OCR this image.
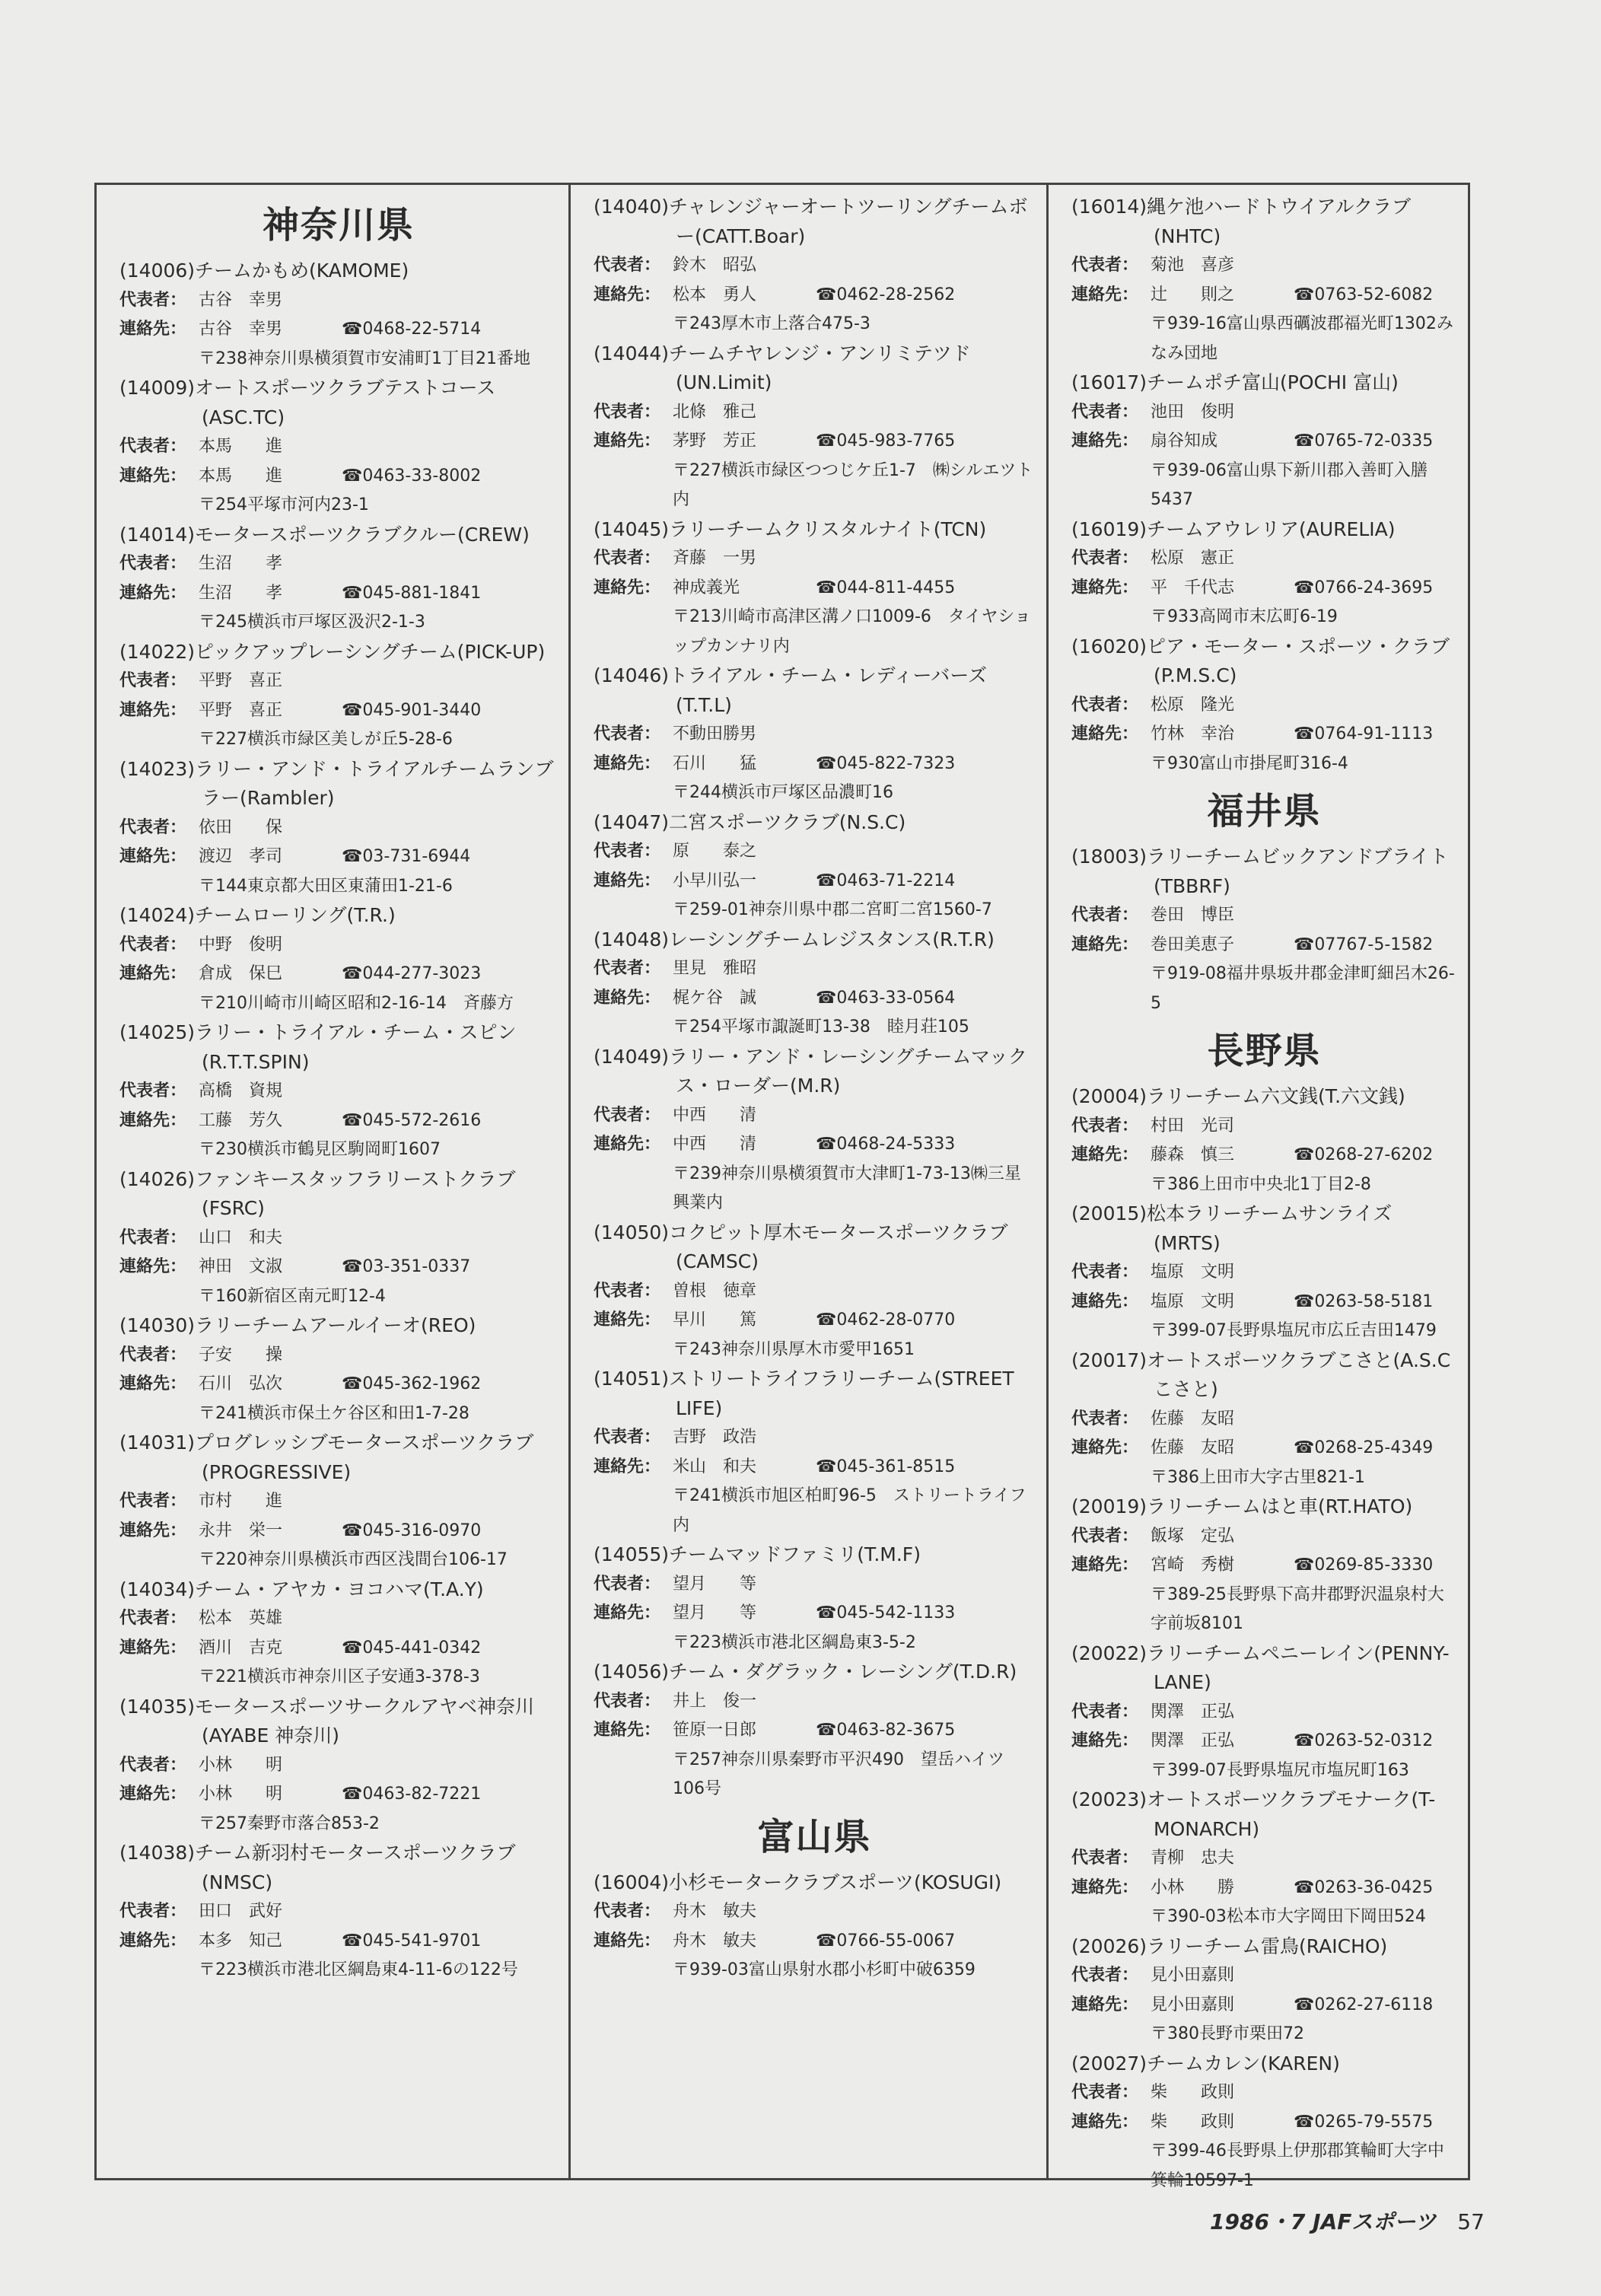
神奈川県
(14006)チームかもめ(KAMOME)
代表者： 古谷　幸男
連絡先： 古谷　幸男	☎0468-22-5714
〒238神奈川県横須賀市安浦町1丁目21番地
(14009)オートスポーツクラブテストコース(ASC.TC)
代表者： 本馬　　進
連絡先： 本馬　　進	☎0463-33-8002
〒254平塚市河内23-1
(14014)モータースポーツクラブクルー(CREW)
代表者： 生沼　　孝
連絡先： 生沼　　孝	☎045-881-1841
〒245横浜市戸塚区汲沢2-1-3
(14022)ピックアップレーシングチーム(PICK-UP)
代表者： 平野　喜正
連絡先： 平野　喜正	☎045-901-3440
〒227横浜市緑区美しが丘5-28-6
(14023)ラリー・アンド・トライアルチームランブラー(Rambler)
代表者： 依田　　保
連絡先： 渡辺　孝司	☎03-731-6944
〒144東京都大田区東蒲田1-21-6
(14024)チームローリング(T.R.)
代表者： 中野　俊明
連絡先： 倉成　保巳	☎044-277-3023
〒210川崎市川崎区昭和2-16-14　斉藤方
(14025)ラリー・トライアル・チーム・スピン(R.T.T.SPIN)
代表者： 高橋　資規
連絡先： 工藤　芳久	☎045-572-2616
〒230横浜市鶴見区駒岡町1607
(14026)ファンキースタッフラリーストクラブ(FSRC)
代表者： 山口　和夫
連絡先： 神田　文淑	☎03-351-0337
〒160新宿区南元町12-4
(14030)ラリーチームアールイーオ(REO)
代表者： 子安　　操
連絡先： 石川　弘次	☎045-362-1962
〒241横浜市保土ケ谷区和田1-7-28
(14031)プログレッシブモータースポーツクラブ(PROGRESSIVE)
代表者： 市村　　進
連絡先： 永井　栄一	☎045-316-0970
〒220神奈川県横浜市西区浅間台106-17
(14034)チーム・アヤカ・ヨコハマ(T.A.Y)
代表者： 松本　英雄
連絡先： 酒川　吉克	☎045-441-0342
〒221横浜市神奈川区子安通3-378-3
(14035)モータースポーツサークルアヤベ神奈川(AYABE 神奈川)
代表者： 小林　　明
連絡先： 小林　　明	☎0463-82-7221
〒257秦野市落合853-2
(14038)チーム新羽村モータースポーツクラブ(NMSC)
代表者： 田口　武好
連絡先： 本多　知己	☎045-541-9701
〒223横浜市港北区綱島東4-11-6の122号
(14040)チャレンジャーオートツーリングチームボー(CATT.Boar)
代表者： 鈴木　昭弘
連絡先： 松本　勇人	☎0462-28-2562
〒243厚木市上落合475-3
(14044)チームチヤレンジ・アンリミテツド(UN.Limit)
代表者： 北條　雅己
連絡先： 茅野　芳正	☎045-983-7765
〒227横浜市緑区つつじケ丘1-7　㈱シルエツト内
(14045)ラリーチームクリスタルナイト(TCN)
代表者： 斉藤　一男
連絡先： 神成義光	☎044-811-4455
〒213川崎市高津区溝ノ口1009-6　タイヤショップカンナリ内
(14046)トライアル・チーム・レディーバーズ(T.T.L)
代表者： 不動田勝男
連絡先： 石川　　猛	☎045-822-7323
〒244横浜市戸塚区品濃町16
(14047)二宮スポーツクラブ(N.S.C)
代表者： 原　　泰之
連絡先： 小早川弘一	☎0463-71-2214
〒259-01神奈川県中郡二宮町二宮1560-7
(14048)レーシングチームレジスタンス(R.T.R)
代表者： 里見　雅昭
連絡先： 梶ケ谷　誠	☎0463-33-0564
〒254平塚市諏誕町13-38　睦月荘105
(14049)ラリー・アンド・レーシングチームマックス・ローダー(M.R)
代表者： 中西　　清
連絡先： 中西　　清	☎0468-24-5333
〒239神奈川県横須賀市大津町1-73-13㈱三星興業内
(14050)コクピット厚木モータースポーツクラブ(CAMSC)
代表者： 曽根　徳章
連絡先： 早川　　篤	☎0462-28-0770
〒243神奈川県厚木市愛甲1651
(14051)ストリートライフラリーチーム(STREET LIFE)
代表者： 吉野　政浩
連絡先： 米山　和夫	☎045-361-8515
〒241横浜市旭区柏町96-5　ストリートライフ内
(14055)チームマッドファミリ(T.M.F)
代表者： 望月　　等
連絡先： 望月　　等	☎045-542-1133
〒223横浜市港北区綱島東3-5-2
(14056)チーム・ダグラック・レーシング(T.D.R)
代表者： 井上　俊一
連絡先： 笹原一日郎	☎0463-82-3675
〒257神奈川県秦野市平沢490　望岳ハイツ106号
富山県
(16004)小杉モータークラブスポーツ(KOSUGI)
代表者： 舟木　敏夫
連絡先： 舟木　敏夫	☎0766-55-0067
〒939-03富山県射水郡小杉町中破6359
(16014)縄ケ池ハードトウイアルクラブ(NHTC)
代表者： 菊池　喜彦
連絡先： 辻　　則之	☎0763-52-6082
〒939-16富山県西礪波郡福光町1302みなみ団地
(16017)チームポチ富山(POCHI 富山)
代表者： 池田　俊明
連絡先： 扇谷知成	☎0765-72-0335
〒939-06富山県下新川郡入善町入膳5437
(16019)チームアウレリア(AURELIA)
代表者： 松原　憲正
連絡先： 平　千代志	☎0766-24-3695
〒933高岡市末広町6-19
(16020)ピア・モーター・スポーツ・クラブ(P.M.S.C)
代表者： 松原　隆光
連絡先： 竹林　幸治	☎0764-91-1113
〒930富山市掛尾町316-4
福井県
(18003)ラリーチームビックアンドブライト(TBBRF)
代表者： 巻田　博臣
連絡先： 巻田美恵子	☎07767-5-1582
〒919-08福井県坂井郡金津町細呂木26-5
長野県
(20004)ラリーチーム六文銭(T.六文銭)
代表者： 村田　光司
連絡先： 藤森　慎三	☎0268-27-6202
〒386上田市中央北1丁目2-8
(20015)松本ラリーチームサンライズ(MRTS)
代表者： 塩原　文明
連絡先： 塩原　文明	☎0263-58-5181
〒399-07長野県塩尻市広丘吉田1479
(20017)オートスポーツクラブこさと(A.S.Cこさと)
代表者： 佐藤　友昭
連絡先： 佐藤　友昭	☎0268-25-4349
〒386上田市大字古里821-1
(20019)ラリーチームはと車(RT.HATO)
代表者： 飯塚　定弘
連絡先： 宮崎　秀樹	☎0269-85-3330
〒389-25長野県下高井郡野沢温泉村大字前坂8101
(20022)ラリーチームペニーレイン(PENNY-LANE)
代表者： 関澤　正弘
連絡先： 関澤　正弘	☎0263-52-0312
〒399-07長野県塩尻市塩尻町163
(20023)オートスポーツクラブモナーク(T-MONARCH)
代表者： 青柳　忠夫
連絡先： 小林　　勝	☎0263-36-0425
〒390-03松本市大字岡田下岡田524
(20026)ラリーチーム雷鳥(RAICHO)
代表者： 見小田嘉則
連絡先： 見小田嘉則	☎0262-27-6118
〒380長野市栗田72
(20027)チームカレン(KAREN)
代表者： 柴　　政則
連絡先： 柴　　政則	☎0265-79-5575
〒399-46長野県上伊那郡箕輪町大字中箕輪10597-1
1986・7 JAFスポーツ 57
